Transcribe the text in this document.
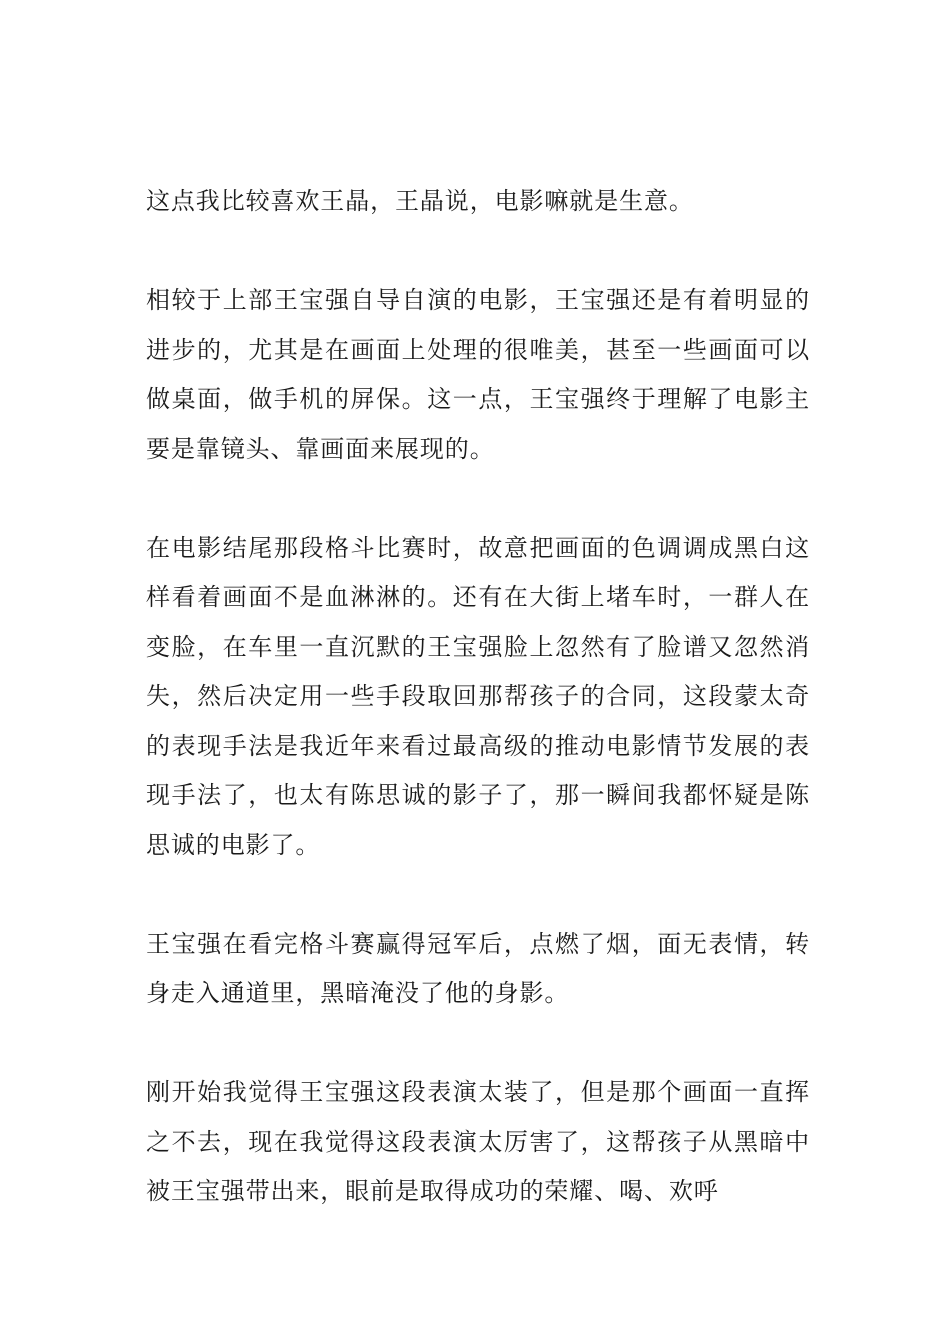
这点我比较喜欢王晶，王晶说，电影嘛就是生意。

相较于上部王宝强自导自演的电影，王宝强还是有着明显的进步的，尤其是在画面上处理的很唯美，甚至一些画面可以做桌面，做手机的屏保。这一点，王宝强终于理解了电影主要是靠镜头、靠画面来展现的。

在电影结尾那段格斗比赛时，故意把画面的色调调成黑白这样看着画面不是血淋淋的。还有在大街上堵车时，一群人在变脸，在车里一直沉默的王宝强脸上忽然有了脸谱又忽然消失，然后决定用一些手段取回那帮孩子的合同，这段蒙太奇的表现手法是我近年来看过最高级的推动电影情节发展的表现手法了，也太有陈思诚的影子了，那一瞬间我都怀疑是陈思诚的电影了。

王宝强在看完格斗赛赢得冠军后，点燃了烟，面无表情，转身走入通道里，黑暗淹没了他的身影。

刚开始我觉得王宝强这段表演太装了，但是那个画面一直挥之不去，现在我觉得这段表演太厉害了，这帮孩子从黑暗中被王宝强带出来，眼前是取得成功的荣耀、喝、欢呼
